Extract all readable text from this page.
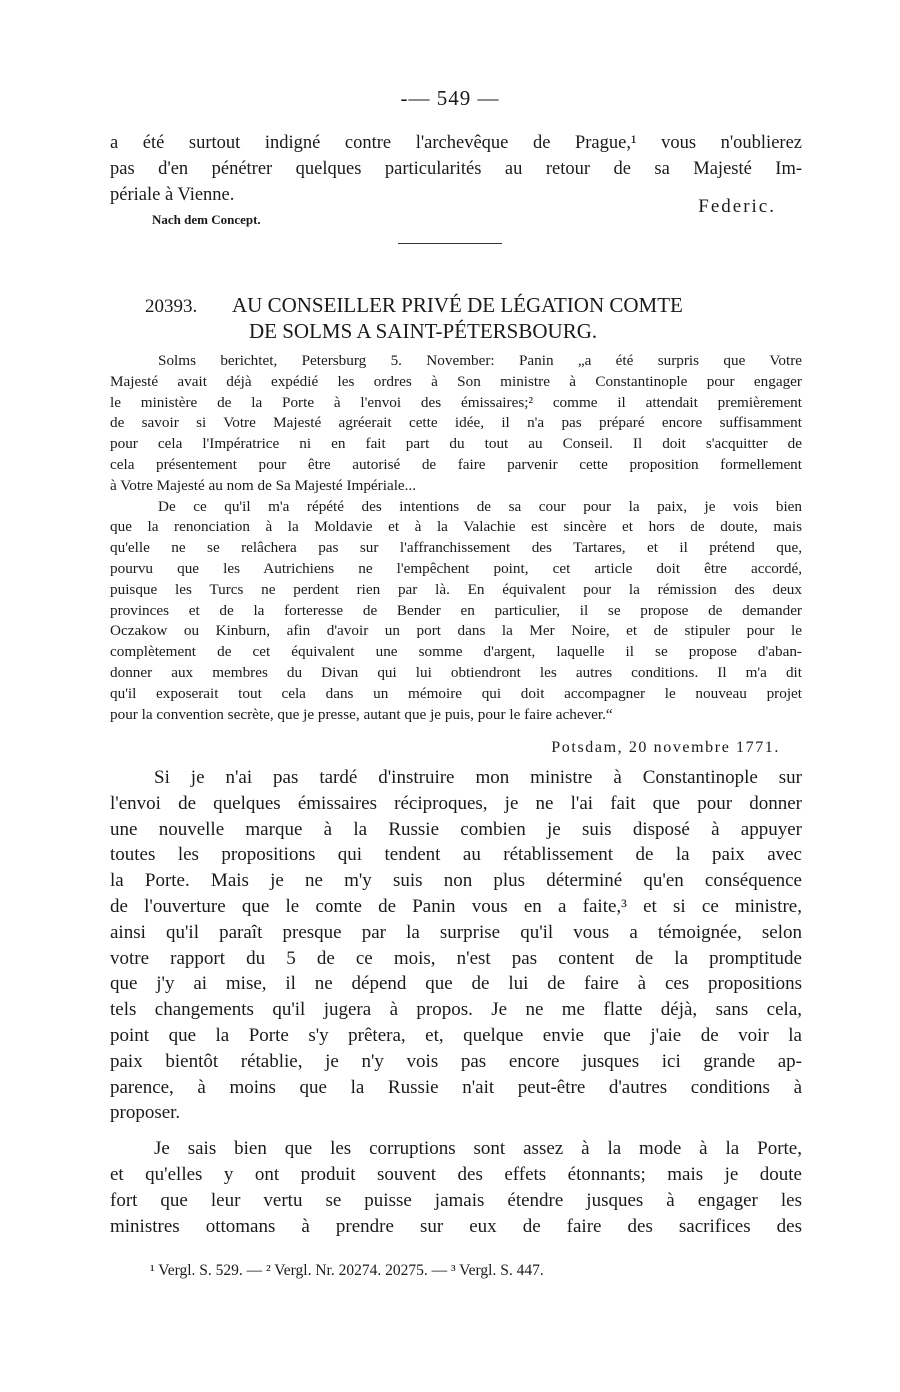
-— 549 —

a été surtout indigné contre l'archevêque de Prague,¹ vous n'oublierez

pas d'en pénétrer quelques particularités au retour de sa Majesté Im-

périale à Vienne.

Federic.
Nach dem Concept.
20393. AU CONSEILLER PRIVÉ DE LÉGATION COMTE
DE SOLMS A SAINT-PÉTERSBOURG.

Solms berichtet, Petersburg 5. November: Panin „a été surpris que Votre

Majesté avait déjà expédié les ordres à Son ministre à Constantinople pour engager

le ministère de la Porte à l'envoi des émissaires;² comme il attendait premièrement

de savoir si Votre Majesté agréerait cette idée, il n'a pas préparé encore suffisamment

pour cela l'Impératrice ni en fait part du tout au Conseil. Il doit s'acquitter de

cela présentement pour être autorisé de faire parvenir cette proposition formellement

à Votre Majesté au nom de Sa Majesté Impériale...

De ce qu'il m'a répété des intentions de sa cour pour la paix, je vois bien

que la renonciation à la Moldavie et à la Valachie est sincère et hors de doute, mais

qu'elle ne se relâchera pas sur l'affranchissement des Tartares, et il prétend que,

pourvu que les Autrichiens ne l'empêchent point, cet article doit être accordé,

puisque les Turcs ne perdent rien par là. En équivalent pour la rémission des deux

provinces et de la forteresse de Bender en particulier, il se propose de demander

Oczakow ou Kinburn, afin d'avoir un port dans la Mer Noire, et de stipuler pour le

complètement de cet équivalent une somme d'argent, laquelle il se propose d'aban-

donner aux membres du Divan qui lui obtiendront les autres conditions. Il m'a dit

qu'il exposerait tout cela dans un mémoire qui doit accompagner le nouveau projet

pour la convention secrète, que je presse, autant que je puis, pour le faire achever.“

Potsdam, 20 novembre 1771.

Si je n'ai pas tardé d'instruire mon ministre à Constantinople sur

l'envoi de quelques émissaires réciproques, je ne l'ai fait que pour donner

une nouvelle marque à la Russie combien je suis disposé à appuyer

toutes les propositions qui tendent au rétablissement de la paix avec

la Porte. Mais je ne m'y suis non plus déterminé qu'en conséquence

de l'ouverture que le comte de Panin vous en a faite,³ et si ce ministre,

ainsi qu'il paraît presque par la surprise qu'il vous a témoignée, selon

votre rapport du 5 de ce mois, n'est pas content de la promptitude

que j'y ai mise, il ne dépend que de lui de faire à ces propositions

tels changements qu'il jugera à propos. Je ne me flatte déjà, sans cela,

point que la Porte s'y prêtera, et, quelque envie que j'aie de voir la

paix bientôt rétablie, je n'y vois pas encore jusques ici grande ap-

parence, à moins que la Russie n'ait peut-être d'autres conditions à

proposer.

Je sais bien que les corruptions sont assez à la mode à la Porte,

et qu'elles y ont produit souvent des effets étonnants; mais je doute

fort que leur vertu se puisse jamais étendre jusques à engager les

ministres ottomans à prendre sur eux de faire des sacrifices des

¹ Vergl. S. 529. — ² Vergl. Nr. 20274. 20275. — ³ Vergl. S. 447.
